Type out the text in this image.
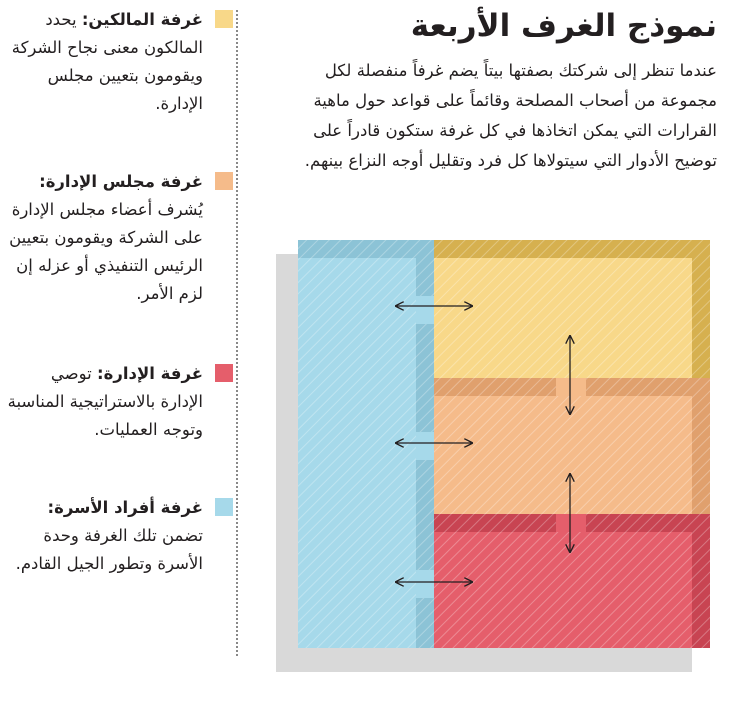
نموذج الغرف الأربعة

عندما تنظر إلى شركتك بصفتها بيتاً يضم غرفاً منفصلة لكل مجموعة من أصحاب المصلحة وقائماً على قواعد حول ماهية القرارات التي يمكن اتخاذها في كل غرفة ستكون قادراً على توضيح الأدوار التي سيتولاها كل فرد وتقليل أوجه النزاع بينهم.

غرفة المالكين: يحدد المالكون معنى نجاح الشركة ويقومون بتعيين مجلس الإدارة.
غرفة مجلس الإدارة: يُشرف أعضاء مجلس الإدارة على الشركة ويقومون بتعيين الرئيس التنفيذي أو عزله إن لزم الأمر.
غرفة الإدارة: توصي الإدارة بالاستراتيجية المناسبة وتوجه العمليات.
غرفة أفراد الأسرة: تضمن تلك الغرفة وحدة الأسرة وتطور الجيل القادم.
